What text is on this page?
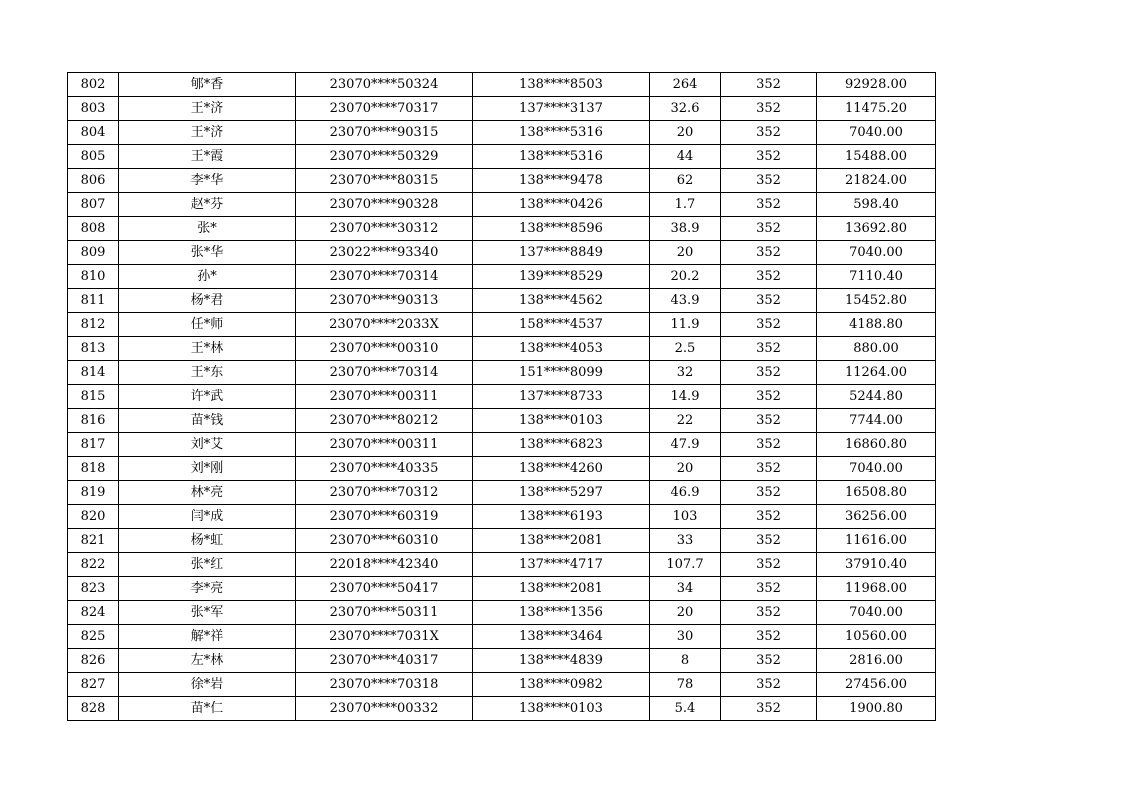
802	郇*香	23070****50324	138****8503	264	352	92928.00
803	王*济	23070****70317	137****3137	32.6	352	11475.20
804	王*济	23070****90315	138****5316	20	352	7040.00
805	王*霞	23070****50329	138****5316	44	352	15488.00
806	李*华	23070****80315	138****9478	62	352	21824.00
807	赵*芬	23070****90328	138****0426	1.7	352	598.40
808	张*	23070****30312	138****8596	38.9	352	13692.80
809	张*华	23022****93340	137****8849	20	352	7040.00
810	孙*	23070****70314	139****8529	20.2	352	7110.40
811	杨*君	23070****90313	138****4562	43.9	352	15452.80
812	任*师	23070****2033X	158****4537	11.9	352	4188.80
813	王*林	23070****00310	138****4053	2.5	352	880.00
814	王*东	23070****70314	151****8099	32	352	11264.00
815	许*武	23070****00311	137****8733	14.9	352	5244.80
816	苗*钱	23070****80212	138****0103	22	352	7744.00
817	刘*艾	23070****00311	138****6823	47.9	352	16860.80
818	刘*刚	23070****40335	138****4260	20	352	7040.00
819	林*亮	23070****70312	138****5297	46.9	352	16508.80
820	闫*成	23070****60319	138****6193	103	352	36256.00
821	杨*虹	23070****60310	138****2081	33	352	11616.00
822	张*红	22018****42340	137****4717	107.7	352	37910.40
823	李*亮	23070****50417	138****2081	34	352	11968.00
824	张*军	23070****50311	138****1356	20	352	7040.00
825	解*祥	23070****7031X	138****3464	30	352	10560.00
826	左*林	23070****40317	138****4839	8	352	2816.00
827	徐*岩	23070****70318	138****0982	78	352	27456.00
828	苗*仁	23070****00332	138****0103	5.4	352	1900.80
